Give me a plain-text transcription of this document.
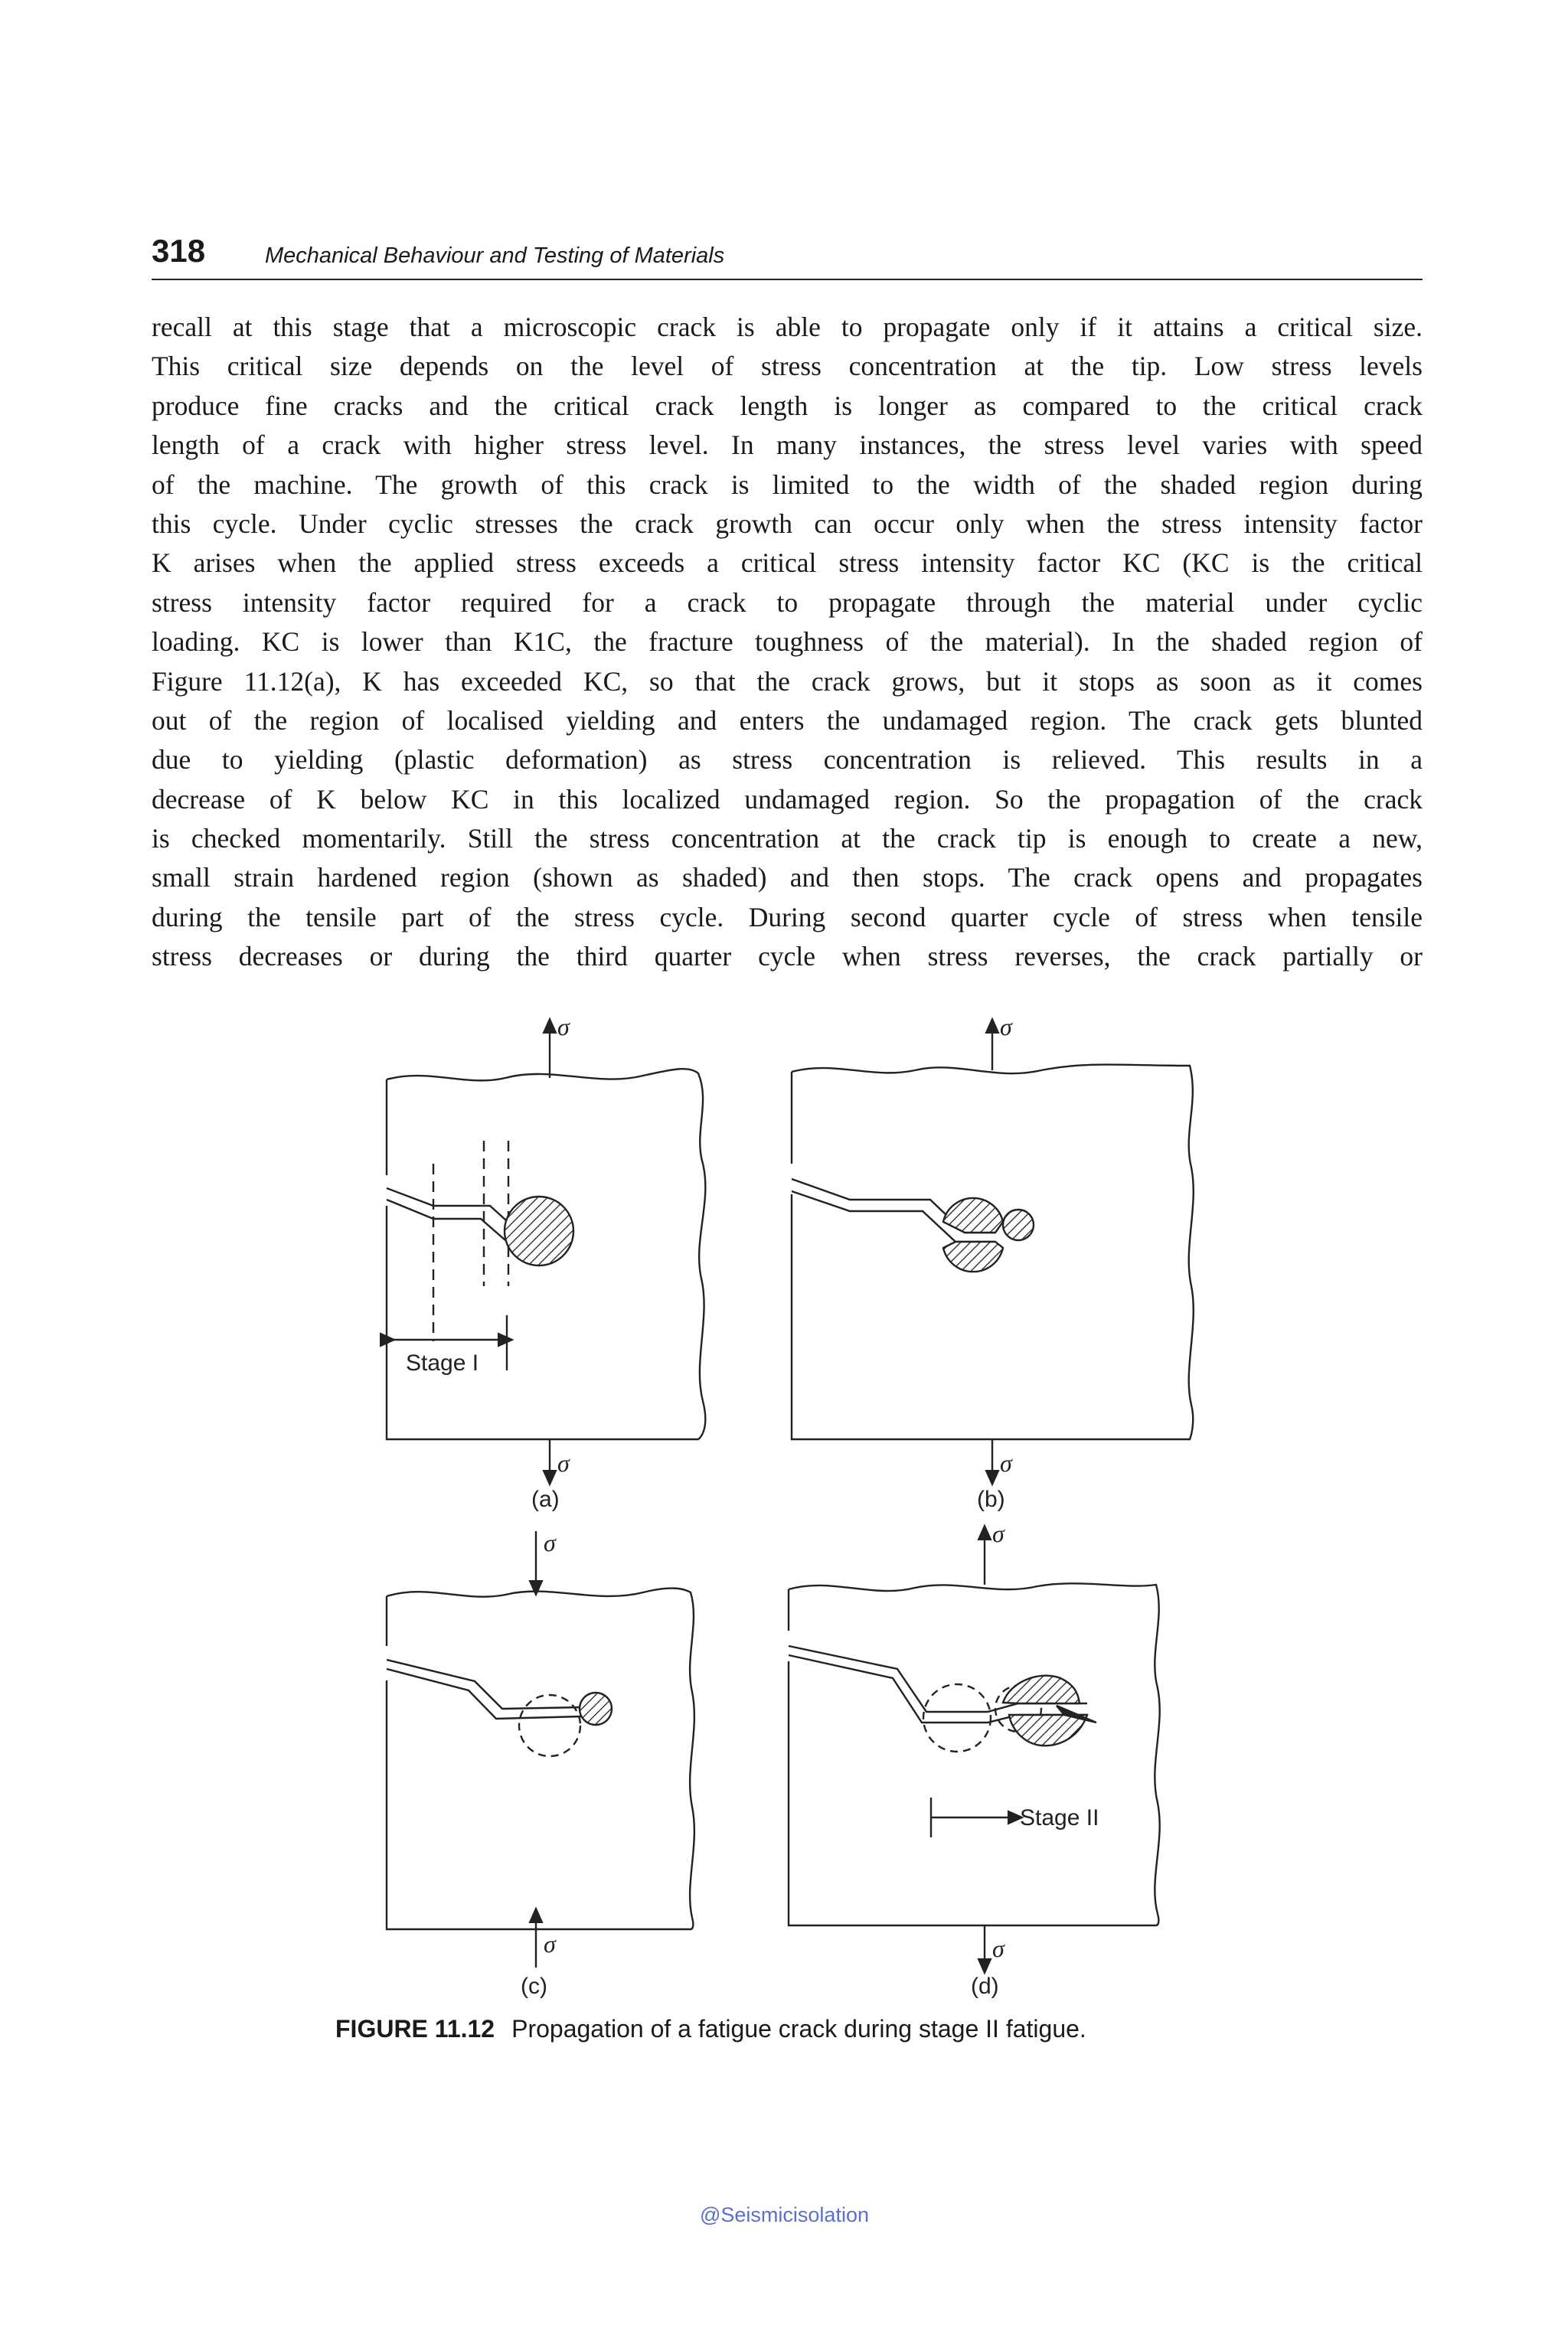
318	Mechanical Behaviour and Testing of Materials
recall at this stage that a microscopic crack is able to propagate only if it attains a critical size.
This critical size depends on the level of stress concentration at the tip. Low stress levels
produce fine cracks and the critical crack length is longer as compared to the critical crack
length of a crack with higher stress level. In many instances, the stress level varies with speed
of the machine. The growth of this crack is limited to the width of the shaded region during
this cycle. Under cyclic stresses the crack growth can occur only when the stress intensity factor
K arises when the applied stress exceeds a critical stress intensity factor KC (KC is the critical
stress intensity factor required for a crack to propagate through the material under cyclic
loading. KC is lower than K1C, the fracture toughness of the material). In the shaded region of
Figure 11.12(a), K has exceeded KC, so that the crack grows, but it stops as soon as it comes
out of the region of localised yielding and enters the undamaged region. The crack gets blunted
due to yielding (plastic deformation) as stress concentration is relieved. This results in a
decrease of K below KC in this localized undamaged region. So the propagation of the crack
is checked momentarily. Still the stress concentration at the crack tip is enough to create a new,
small strain hardened region (shown as shaded) and then stops. The crack opens and propagates
during the tensile part of the stress cycle. During second quarter cycle of stress when tensile
stress decreases or during the third quarter cycle when stress reverses, the crack partially or
Stage I
σ
σ
(a)
σ
σ
(b)
σ
σ
(c)
Stage II
σ
σ
(d)
FIGURE 11.12 Propagation of a fatigue crack during stage II fatigue.
@Seismicisolation
